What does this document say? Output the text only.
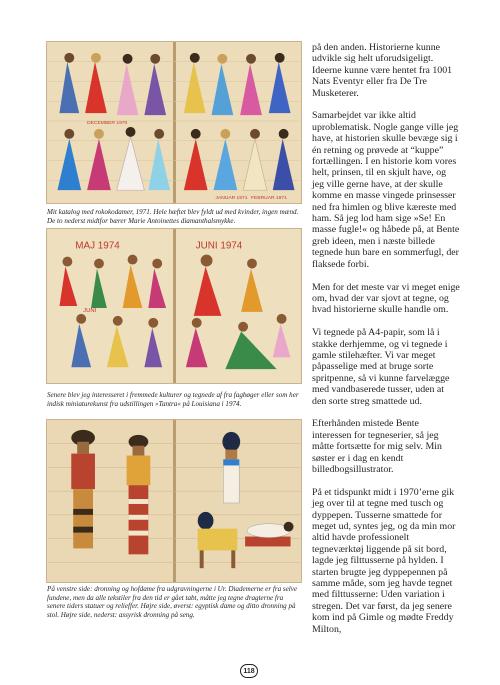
DECEMBER 1970
JANUAR 1971 FEBRUAR 1971
Mit katalog med rokokodamer, 1971. Hele hæftet blev fyldt ud med kvinder, ingen mænd. De to nederst midtfor bærer Marie Antoinettes diamanthalsmykke.
MAJ 1974	JUNI 1974
JUNI
Senere blev jeg interesseret i fremmede kulturer og tegnede af fra fagbøger eller som her indisk miniaturekunst fra udstillingen »Tantra« på Louisiana i 1974.
På venstre side: dronning og hofdame fra udgravningerne i Ur. Diademerne er fra selve fundene, men da alle tekstiler fra den tid er gået tabt, måtte jeg tegne dragterne fra senere tiders statuer og relieffer. Højre side, øverst: egyptisk dame og ditto dronning på stol. Højre side, nederst: assyrisk dronning på seng.

på den anden. Historierne kunne udvikle sig helt uforudsigeligt. Ideerne kunne være hentet fra 1001 Nats Eventyr eller fra De Tre Musketerer.

Samarbejdet var ikke altid uproblematisk. Nogle gange ville jeg have, at historien skulle bevæge sig i én retning og prøvede at “kuppe” fortællingen. I en historie kom vores helt, prinsen, til en skjult have, og jeg ville gerne have, at der skulle komme en masse vingede prinsesser ned fra himlen og blive kæreste med ham. Så jeg lod ham sige »Se! En masse fugle!« og håbede på, at Bente greb ideen, men i næste billede tegnede hun bare en sommerfugl, der flaksede forbi.

Men for det meste var vi meget enige om, hvad der var sjovt at tegne, og hvad historierne skulle handle om.

Vi tegnede på A4-papir, som lå i stakke derhjemme, og vi tegnede i gamle stilehæfter. Vi var meget påpasselige med at bruge sorte spritpenne, så vi kunne farvelægge med vandbaserede tusser, uden at den sorte streg smattede ud.

Efterhånden mistede Bente interessen for tegneserier, så jeg måtte fortsætte for mig selv. Min søster er i dag en kendt billedbogsillustrator.

På et tidspunkt midt i 1970’erne gik jeg over til at tegne med tusch og dyppepen. Tusserne smattede for meget ud, syntes jeg, og da min mor altid havde professionelt tegneværktøj liggende på sit bord, lagde jeg filttusserne på hylden. I starten brugte jeg dyppepennen på samme måde, som jeg havde tegnet med filttusserne: Uden variation i stregen. Det var først, da jeg senere kom ind på Gimle og mødte Freddy Milton,

118
